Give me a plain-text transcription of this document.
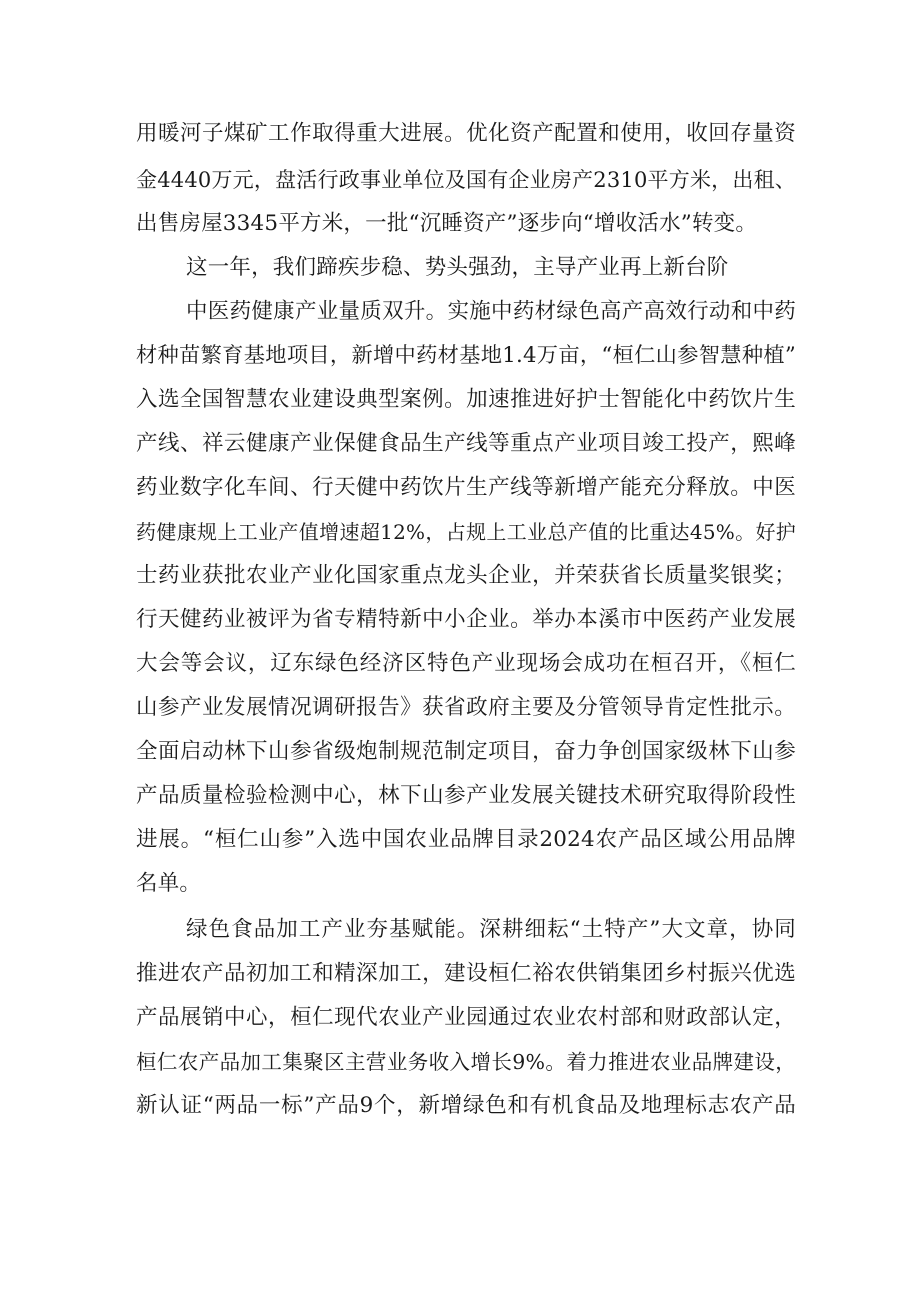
用暖河子煤矿工作取得重大进展。优化资产配置和使用，收回存量资
金4440万元，盘活行政事业单位及国有企业房产2310平方米，出租、
出售房屋3345平方米，一批“沉睡资产”逐步向“增收活水”转变。
这一年，我们蹄疾步稳、势头强劲，主导产业再上新台阶
中医药健康产业量质双升。实施中药材绿色高产高效行动和中药
材种苗繁育基地项目，新增中药材基地1.4万亩，“桓仁山参智慧种植”
入选全国智慧农业建设典型案例。加速推进好护士智能化中药饮片生
产线、祥云健康产业保健食品生产线等重点产业项目竣工投产，熙峰
药业数字化车间、行天健中药饮片生产线等新增产能充分释放。中医
药健康规上工业产值增速超12%，占规上工业总产值的比重达45%。好护
士药业获批农业产业化国家重点龙头企业，并荣获省长质量奖银奖；
行天健药业被评为省专精特新中小企业。举办本溪市中医药产业发展
大会等会议，辽东绿色经济区特色产业现场会成功在桓召开，《桓仁
山参产业发展情况调研报告》获省政府主要及分管领导肯定性批示。
全面启动林下山参省级炮制规范制定项目，奋力争创国家级林下山参
产品质量检验检测中心，林下山参产业发展关键技术研究取得阶段性
进展。“桓仁山参”入选中国农业品牌目录2024农产品区域公用品牌
名单。
绿色食品加工产业夯基赋能。深耕细耘“土特产”大文章，协同
推进农产品初加工和精深加工，建设桓仁裕农供销集团乡村振兴优选
产品展销中心，桓仁现代农业产业园通过农业农村部和财政部认定，
桓仁农产品加工集聚区主营业务收入增长9%。着力推进农业品牌建设，
新认证“两品一标”产品9个，新增绿色和有机食品及地理标志农产品
